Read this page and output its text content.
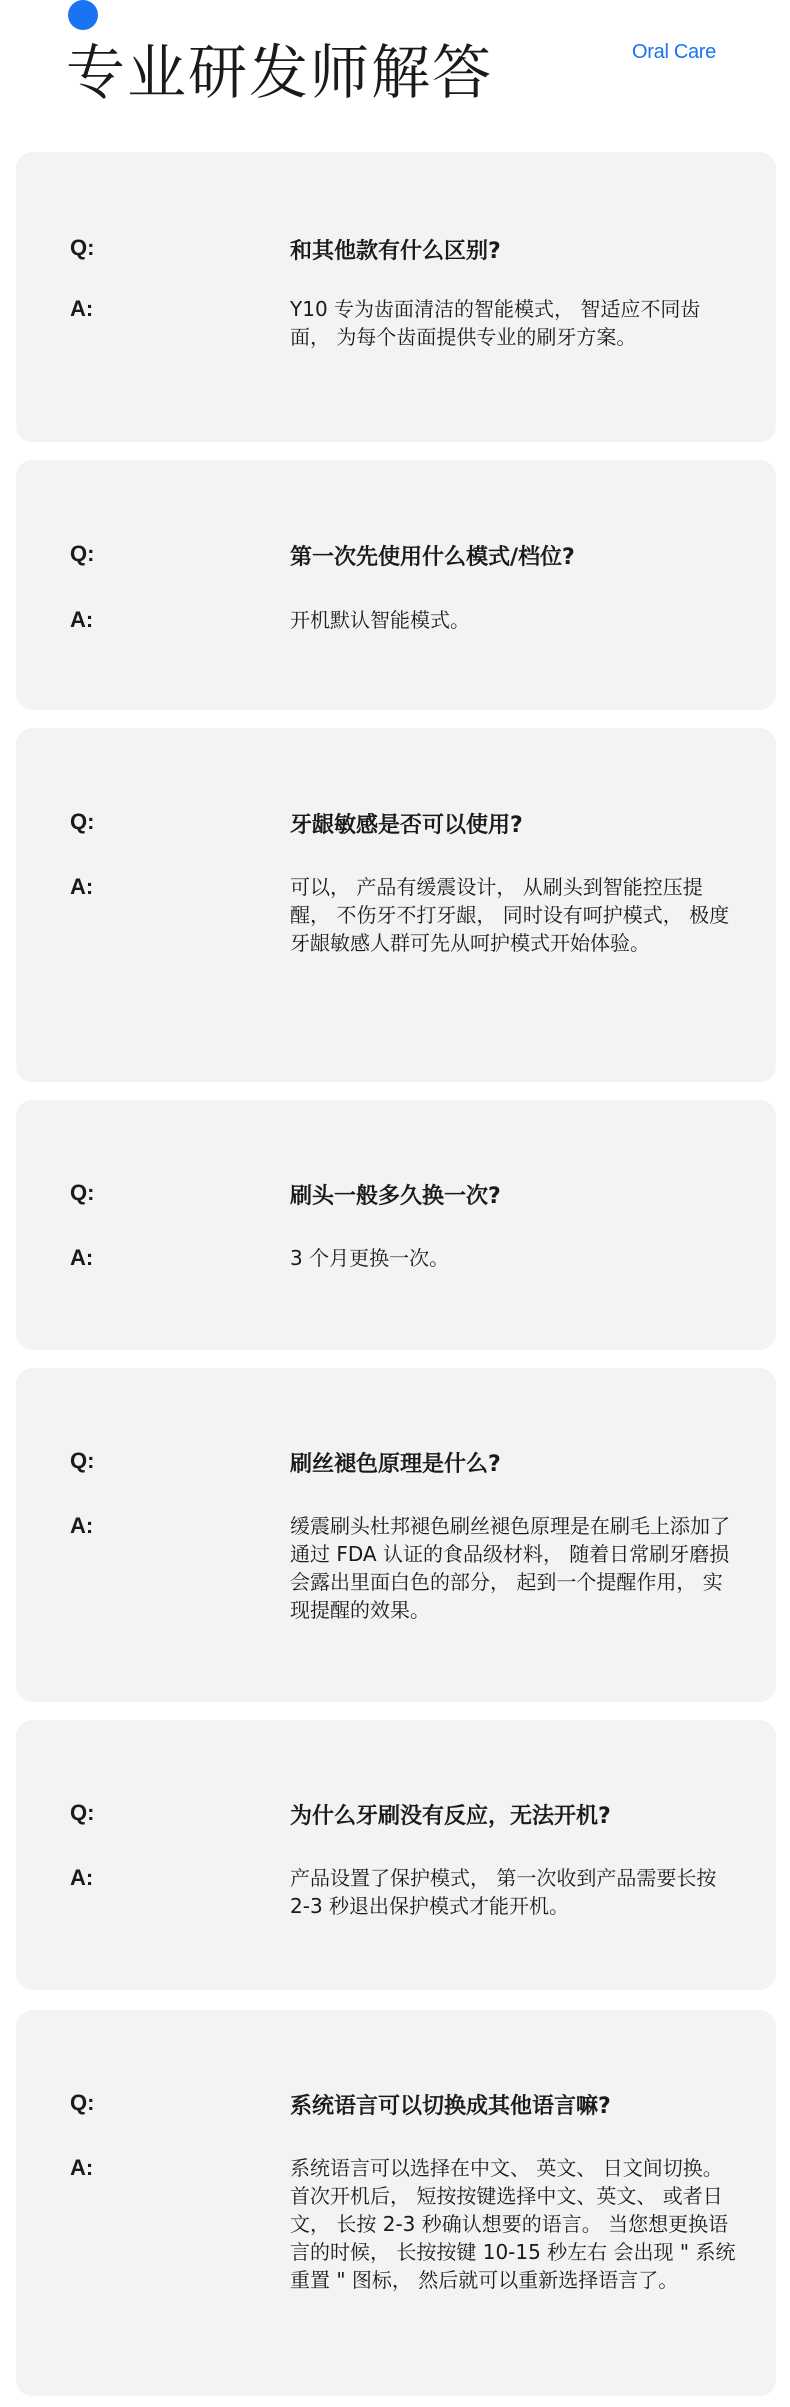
专业研发师解答	Oral Care
Q:	和其他款有什么区别?
A:	Y10 专为齿面清洁的智能模式， 智适应不同齿面， 为每个齿面提供专业的刷牙方案。
Q:	第一次先使用什么模式/档位?
A:	开机默认智能模式。
Q:	牙龈敏感是否可以使用?
A:	可以， 产品有缓震设计， 从刷头到智能控压提醒， 不伤牙不打牙龈， 同时设有呵护模式， 极度牙龈敏感人群可先从呵护模式开始体验。
Q:	刷头一般多久换一次?
A:	3 个月更换一次。
Q:	刷丝褪色原理是什么?
A:	缓震刷头杜邦褪色刷丝褪色原理是在刷毛上添加了通过 FDA 认证的食品级材料， 随着日常刷牙磨损会露出里面白色的部分， 起到一个提醒作用， 实现提醒的效果。
Q:	为什么牙刷没有反应，无法开机?
A:	产品设置了保护模式， 第一次收到产品需要长按 2-3 秒退出保护模式才能开机。
Q:	系统语言可以切换成其他语言嘛?
A:	系统语言可以选择在中文、 英文、 日文间切换。 首次开机后， 短按按键选择中文、英文、 或者日文， 长按 2-3 秒确认想要的语言。 当您想更换语言的时候， 长按按键 10-15 秒左右 会出现 " 系统重置 " 图标， 然后就可以重新选择语言了。
